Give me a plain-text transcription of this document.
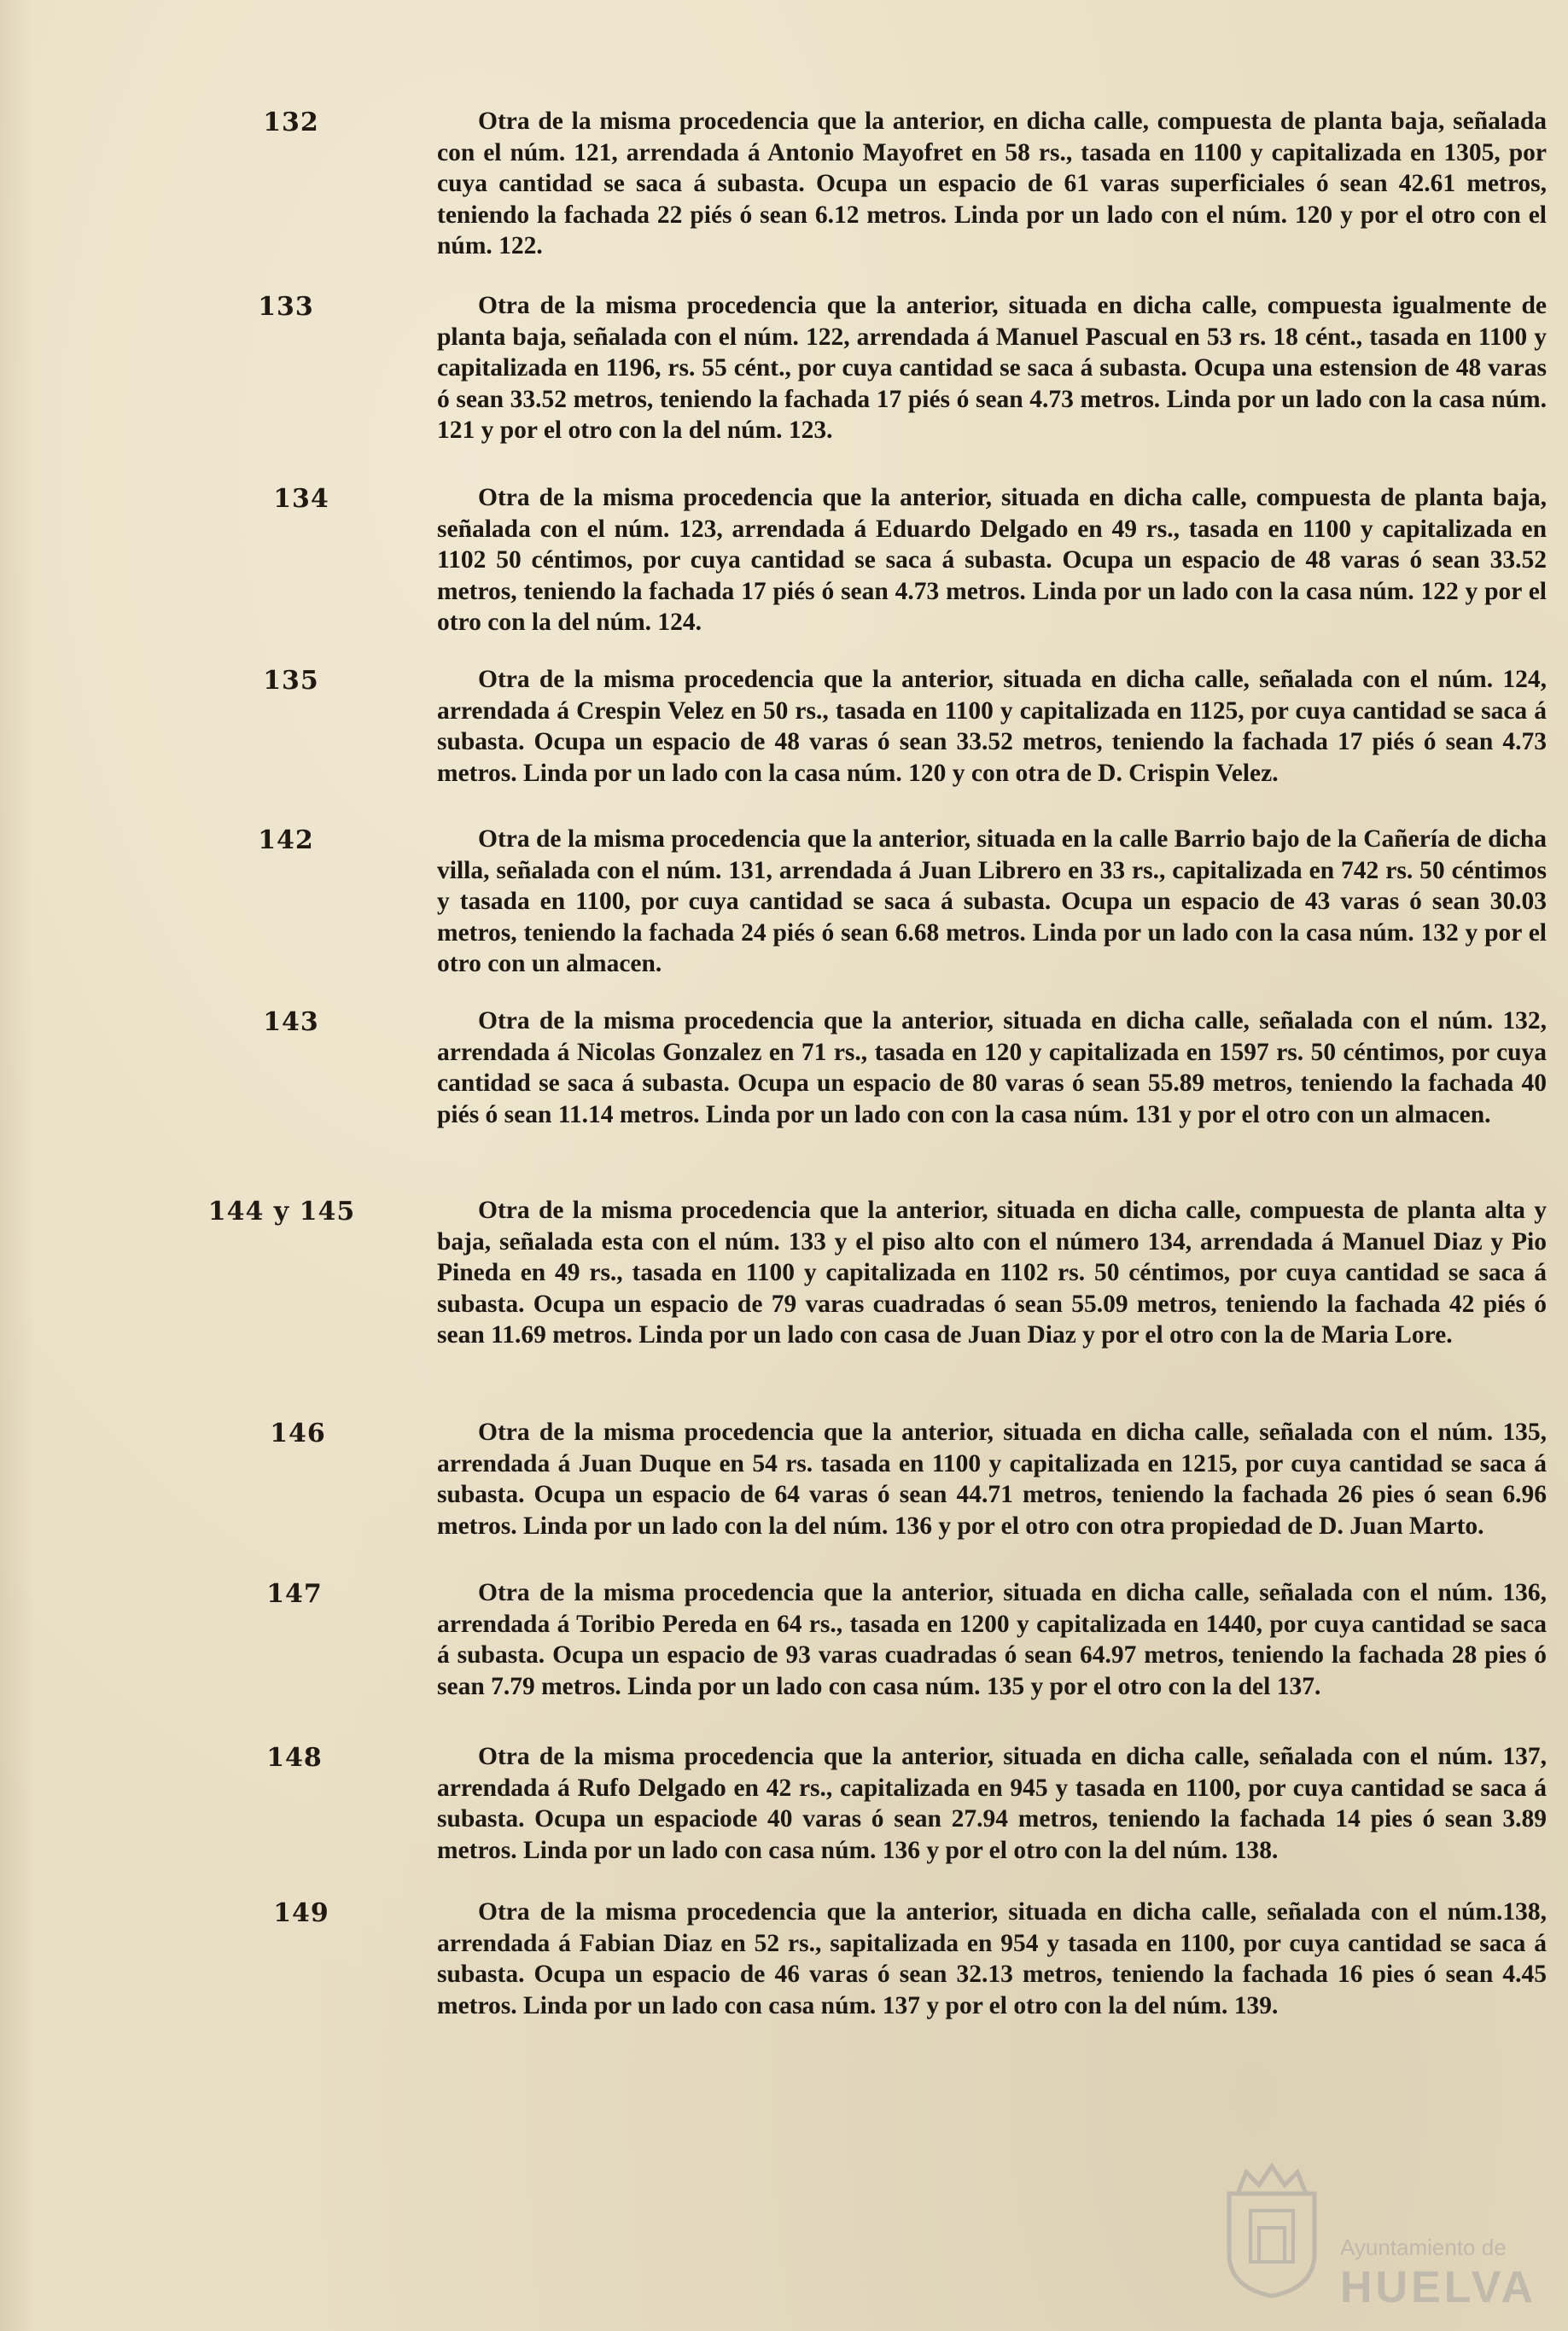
132	Otra de la misma procedencia que la anterior, en dicha calle, compuesta de planta baja, señalada con el núm. 121, arrendada á Antonio Mayofret en 58 rs., tasada en 1100 y capitalizada en 1305, por cuya cantidad se saca á subasta. Ocupa un espacio de 61 varas superficiales ó sean 42.61 metros, teniendo la fachada 22 piés ó sean 6.12 metros. Linda por un lado con el núm. 120 y por el otro con el núm. 122.

133	Otra de la misma procedencia que la anterior, situada en dicha calle, compuesta igualmente de planta baja, señalada con el núm. 122, arrendada á Manuel Pascual en 53 rs. 18 cént., tasada en 1100 y capitalizada en 1196, rs. 55 cént., por cuya cantidad se saca á subasta. Ocupa una estension de 48 varas ó sean 33.52 metros, teniendo la fachada 17 piés ó sean 4.73 metros. Linda por un lado con la casa núm. 121 y por el otro con la del núm. 123.

134	Otra de la misma procedencia que la anterior, situada en dicha calle, compuesta de planta baja, señalada con el núm. 123, arrendada á Eduardo Delgado en 49 rs., tasada en 1100 y capitalizada en 1102 50 céntimos, por cuya cantidad se saca á subasta. Ocupa un espacio de 48 varas ó sean 33.52 metros, teniendo la fachada 17 piés ó sean 4.73 metros. Linda por un lado con la casa núm. 122 y por el otro con la del núm. 124.

135	Otra de la misma procedencia que la anterior, situada en dicha calle, señalada con el núm. 124, arrendada á Crespin Velez en 50 rs., tasada en 1100 y capitalizada en 1125, por cuya cantidad se saca á subasta. Ocupa un espacio de 48 varas ó sean 33.52 metros, teniendo la fachada 17 piés ó sean 4.73 metros. Linda por un lado con la casa núm. 120 y con otra de D. Crispin Velez.

142	Otra de la misma procedencia que la anterior, situada en la calle Barrio bajo de la Cañería de dicha villa, señalada con el núm. 131, arrendada á Juan Librero en 33 rs., capitalizada en 742 rs. 50 céntimos y tasada en 1100, por cuya cantidad se saca á subasta. Ocupa un espacio de 43 varas ó sean 30.03 metros, teniendo la fachada 24 piés ó sean 6.68 metros. Linda por un lado con la casa núm. 132 y por el otro con un almacen.

143	Otra de la misma procedencia que la anterior, situada en dicha calle, señalada con el núm. 132, arrendada á Nicolas Gonzalez en 71 rs., tasada en 120 y capitalizada en 1597 rs. 50 céntimos, por cuya cantidad se saca á subasta. Ocupa un espacio de 80 varas ó sean 55.89 metros, teniendo la fachada 40 piés ó sean 11.14 metros. Linda por un lado con con la casa núm. 131 y por el otro con un almacen.

144 y 145	Otra de la misma procedencia que la anterior, situada en dicha calle, compuesta de planta alta y baja, señalada esta con el núm. 133 y el piso alto con el número 134, arrendada á Manuel Diaz y Pio Pineda en 49 rs., tasada en 1100 y capitalizada en 1102 rs. 50 céntimos, por cuya cantidad se saca á subasta. Ocupa un espacio de 79 varas cuadradas ó sean 55.09 metros, teniendo la fachada 42 piés ó sean 11.69 metros. Linda por un lado con casa de Juan Diaz y por el otro con la de Maria Lore.

146	Otra de la misma procedencia que la anterior, situada en dicha calle, señalada con el núm. 135, arrendada á Juan Duque en 54 rs. tasada en 1100 y capitalizada en 1215, por cuya cantidad se saca á subasta. Ocupa un espacio de 64 varas ó sean 44.71 metros, teniendo la fachada 26 pies ó sean 6.96 metros. Linda por un lado con la del núm. 136 y por el otro con otra propiedad de D. Juan Marto.

147	Otra de la misma procedencia que la anterior, situada en dicha calle, señalada con el núm. 136, arrendada á Toribio Pereda en 64 rs., tasada en 1200 y capitalizada en 1440, por cuya cantidad se saca á subasta. Ocupa un espacio de 93 varas cuadradas ó sean 64.97 metros, teniendo la fachada 28 pies ó sean 7.79 metros. Linda por un lado con casa núm. 135 y por el otro con la del 137.

148	Otra de la misma procedencia que la anterior, situada en dicha calle, señalada con el núm. 137, arrendada á Rufo Delgado en 42 rs., capitalizada en 945 y tasada en 1100, por cuya cantidad se saca á subasta. Ocupa un espaciode 40 varas ó sean 27.94 metros, teniendo la fachada 14 pies ó sean 3.89 metros. Linda por un lado con casa núm. 136 y por el otro con la del núm. 138.

149	Otra de la misma procedencia que la anterior, situada en dicha calle, señalada con el núm.138, arrendada á Fabian Diaz en 52 rs., sapitalizada en 954 y tasada en 1100, por cuya cantidad se saca á subasta. Ocupa un espacio de 46 varas ó sean 32.13 metros, teniendo la fachada 16 pies ó sean 4.45 metros. Linda por un lado con casa núm. 137 y por el otro con la del núm. 139.

Ayuntamiento de
HUELVA
